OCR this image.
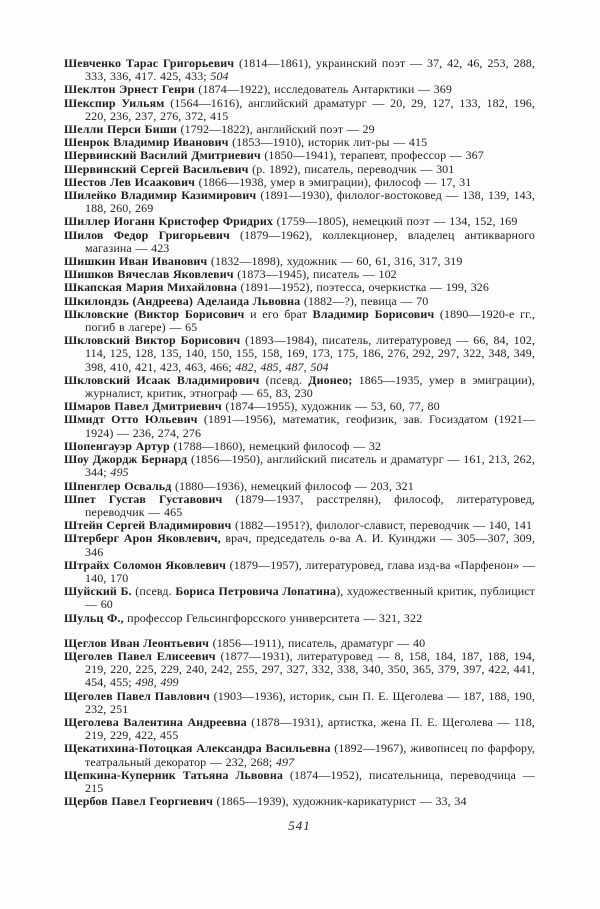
Шевченко Тарас Григорьевич (1814—1861), украинский поэт — 37, 42, 46, 253, 288, 333, 336, 417. 425, 433; 504

Шеклтон Эрнест Генри (1874—1922), исследователь Антарктики — 369

Шекспир Уильям (1564—1616), английский драматург — 20, 29, 127, 133, 182, 196, 220, 236, 237, 276, 372, 415

Шелли Перси Биши (1792—1822), английский поэт — 29

Шенрок Владимир Иванович (1853—1910), историк лит-ры — 415

Шервинский Василий Дмитриевич (1850—1941), терапевт, профессор — 367

Шервинский Сергей Васильевич (р. 1892), писатель, переводчик — 301

Шестов Лев Исаакович (1866—1938, умер в эмиграции), философ — 17, 31

Шилейко Владимир Казимирович (1891—1930), филолог-востоковед — 138, 139, 143, 188, 260, 269

Шиллер Иоганн Кристофер Фридрих (1759—1805), немецкий поэт — 134, 152, 169

Шилов Федор Григорьевич (1879—1962), коллекционер, владелец антикварного магазина — 423

Шишкин Иван Иванович (1832—1898), художник — 60, 61, 316, 317, 319

Шишков Вячеслав Яковлевич (1873—1945), писатель — 102

Шкапская Мария Михайловна (1891—1952), поэтесса, очеркистка — 199, 326

Шкилондзь (Андреева) Аделаида Львовна (1882—?), певица — 70

Шкловские (Виктор Борисович и его брат Владимир Борисович (1890—1920-е гг., погиб в лагере) — 65

Шкловский Виктор Борисович (1893—1984), писатель, литературовед — 66, 84, 102, 114, 125, 128, 135, 140, 150, 155, 158, 169, 173, 175, 186, 276, 292, 297, 322, 348, 349, 398, 410, 421, 423, 463, 466; 482, 485, 487, 504

Шкловский Исаак Владимирович (псевд. Дионео; 1865—1935, умер в эмиграции), журналист, критик, этнограф — 65, 83, 230

Шмаров Павел Дмитриевич (1874—1955), художник — 53, 60, 77, 80

Шмидт Отто Юльевич (1891—1956), математик, геофизик, зав. Госиздатом (1921—1924) — 236, 274, 276

Шопенгауэр Артур (1788—1860), немецкий философ — 32

Шоу Джордж Бернард (1856—1950), английский писатель и драматург — 161, 213, 262, 344; 495

Шпенглер Освальд (1880—1936), немецкий философ — 203, 321

Шпет Густав Густавович (1879—1937, расстрелян), философ, литературовед, переводчик — 465

Штейн Сергей Владимирович (1882—1951?), филолог-славист, переводчик — 140, 141

Штерберг Арон Яковлевич, врач, председатель о-ва А. И. Куинджи — 305—307, 309, 346

Штрайх Соломон Яковлевич (1879—1957), литературовед, глава изд-ва «Парфенон» — 140, 170

Шуйский Б. (псевд. Бориса Петровича Лопатина), художественный критик, публицист — 60

Шульц Ф., профессор Гельсингфорсского университета — 321, 322

Щеглов Иван Леонтьевич (1856—1911), писатель, драматург — 40

Щеголев Павел Елисеевич (1877—1931), литературовед — 8, 158, 184, 187, 188, 194, 219, 220, 225, 229, 240, 242, 255, 297, 327, 332, 338, 340, 350, 365, 379, 397, 422, 441, 454, 455; 498, 499

Щеголев Павел Павлович (1903—1936), историк, сын П. Е. Щеголева — 187, 188, 190, 232, 251

Щеголева Валентина Андреевна (1878—1931), артистка, жена П. Е. Щеголева — 118, 219, 229, 422, 455

Щекатихина-Потоцкая Александра Васильевна (1892—1967), живописец по фарфору, театральный декоратор — 232, 268; 497

Щепкина-Куперник Татьяна Львовна (1874—1952), писательница, переводчица — 215

Щербов Павел Георгиевич (1865—1939), художник-карикатурист — 33, 34

541
